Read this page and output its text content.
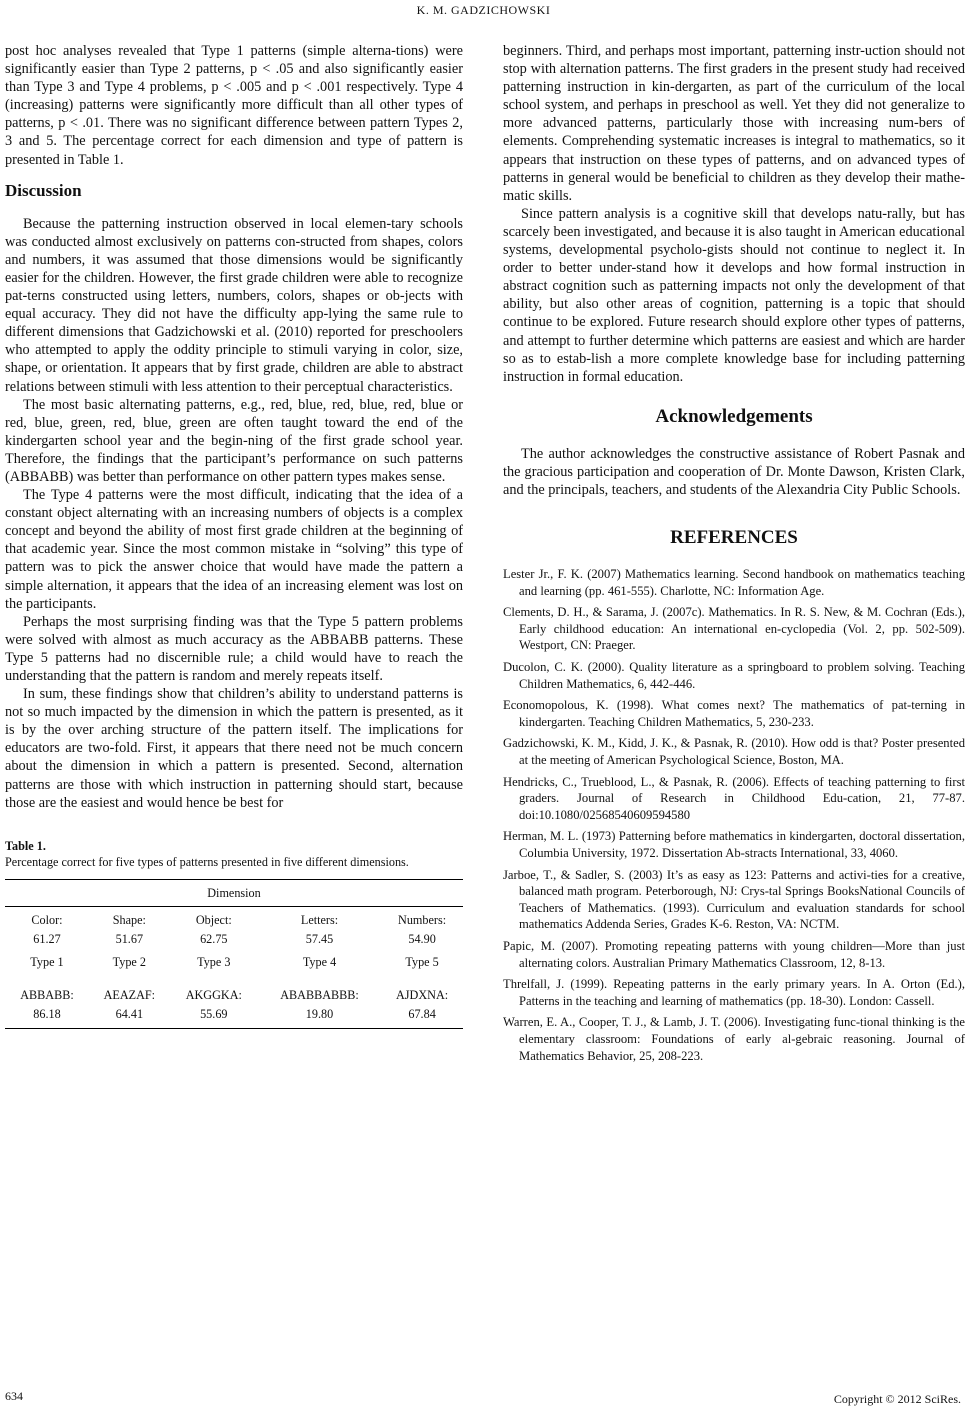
K. M. GADZICHOWSKI

post hoc analyses revealed that Type 1 patterns (simple alterna-tions) were significantly easier than Type 2 patterns, p < .05 and also significantly easier than Type 3 and Type 4 problems, p < .005 and p < .001 respectively. Type 4 (increasing) patterns were significantly more difficult than all other types of patterns, p < .01. There was no significant difference between pattern Types 2, 3 and 5. The percentage correct for each dimension and type of pattern is presented in Table 1.

Discussion

Because the patterning instruction observed in local elemen-tary schools was conducted almost exclusively on patterns con-structed from shapes, colors and numbers, it was assumed that those dimensions would be significantly easier for the children. However, the first grade children were able to recognize pat-terns constructed using letters, numbers, colors, shapes or ob-jects with equal accuracy. They did not have the difficulty app-lying the same rule to different dimensions that Gadzichowski et al. (2010) reported for preschoolers who attempted to apply the oddity principle to stimuli varying in color, size, shape, or orientation. It appears that by first grade, children are able to abstract relations between stimuli with less attention to their perceptual characteristics.

The most basic alternating patterns, e.g., red, blue, red, blue, red, blue or red, blue, green, red, blue, green are often taught toward the end of the kindergarten school year and the begin-ning of the first grade school year. Therefore, the findings that the participant’s performance on such patterns (ABBABB) was better than performance on other pattern types makes sense.

The Type 4 patterns were the most difficult, indicating that the idea of a constant object alternating with an increasing numbers of objects is a complex concept and beyond the ability of most first grade children at the beginning of that academic year. Since the most common mistake in “solving” this type of pattern was to pick the answer choice that would have made the pattern a simple alternation, it appears that the idea of an increasing element was lost on the participants.

Perhaps the most surprising finding was that the Type 5 pattern problems were solved with almost as much accuracy as the ABBABB patterns. These Type 5 patterns had no discernible rule; a child would have to reach the understanding that the pattern is random and merely repeats itself.

In sum, these findings show that children’s ability to understand patterns is not so much impacted by the dimension in which the pattern is presented, as it is by the over arching structure of the pattern itself. The implications for educators are two-fold. First, it appears that there need not be much concern about the dimension in which a pattern is presented. Second, alternation patterns are those with which instruction in patterning should start, because those are the easiest and would hence be best for

Table 1.
Percentage correct for five types of patterns presented in five different dimensions.
Dimension				
Color:	Shape:	Object:	Letters:	Numbers:
61.27	51.67	62.75	57.45	54.90
Type 1	Type 2	Type 3	Type 4	Type 5
ABBABB:	AEAZAF:	AKGGKA:	ABABBABBB:	AJDXNA:
86.18	64.41	55.69	19.80	67.84

beginners. Third, and perhaps most important, patterning instr-uction should not stop with alternation patterns. The first graders in the present study had received patterning instruction in kin-dergarten, as part of the curriculum of the local school system, and perhaps in preschool as well. Yet they did not generalize to more advanced patterns, particularly those with increasing num-bers of elements. Comprehending systematic increases is integral to mathematics, so it appears that instruction on these types of patterns, and on advanced types of patterns in general would be beneficial to children as they develop their mathe-matic skills.

Since pattern analysis is a cognitive skill that develops natu-rally, but has scarcely been investigated, and because it is also taught in American educational systems, developmental psycholo-gists should not continue to neglect it. In order to better under-stand how it develops and how formal instruction in abstract cognition such as patterning impacts not only the development of that ability, but also other areas of cognition, patterning is a topic that should continue to be explored. Future research should explore other types of patterns, and attempt to further determine which patterns are easiest and which are harder so as to estab-lish a more complete knowledge base for including patterning instruction in formal education.

Acknowledgements

The author acknowledges the constructive assistance of Robert Pasnak and the gracious participation and cooperation of Dr. Monte Dawson, Kristen Clark, and the principals, teachers, and students of the Alexandria City Public Schools.

REFERENCES
Lester Jr., F. K. (2007) Mathematics learning. Second handbook on mathematics teaching and learning (pp. 461-555). Charlotte, NC: Information Age.
Clements, D. H., & Sarama, J. (2007c). Mathematics. In R. S. New, & M. Cochran (Eds.), Early childhood education: An international en-cyclopedia (Vol. 2, pp. 502-509). Westport, CN: Praeger.
Ducolon, C. K. (2000). Quality literature as a springboard to problem solving. Teaching Children Mathematics, 6, 442-446.
Economopolous, K. (1998). What comes next? The mathematics of pat-terning in kindergarten. Teaching Children Mathematics, 5, 230-233.
Gadzichowski, K. M., Kidd, J. K., & Pasnak, R. (2010). How odd is that? Poster presented at the meeting of American Psychological Science, Boston, MA.
Hendricks, C., Trueblood, L., & Pasnak, R. (2006). Effects of teaching patterning to first graders. Journal of Research in Childhood Edu-cation, 21, 77-87. doi:10.1080/02568540609594580
Herman, M. L. (1973) Patterning before mathematics in kindergarten, doctoral dissertation, Columbia University, 1972. Dissertation Ab-stracts International, 33, 4060.
Jarboe, T., & Sadler, S. (2003) It’s as easy as 123: Patterns and activi-ties for a creative, balanced math program. Peterborough, NJ: Crys-tal Springs BooksNational Councils of Teachers of Mathematics. (1993). Curriculum and evaluation standards for school mathematics Addenda Series, Grades K-6. Reston, VA: NCTM.
Papic, M. (2007). Promoting repeating patterns with young children—More than just alternating colors. Australian Primary Mathematics Classroom, 12, 8-13.
Threlfall, J. (1999). Repeating patterns in the early primary years. In A. Orton (Ed.), Patterns in the teaching and learning of mathematics (pp. 18-30). London: Cassell.
Warren, E. A., Cooper, T. J., & Lamb, J. T. (2006). Investigating func-tional thinking is the elementary classroom: Foundations of early al-gebraic reasoning. Journal of Mathematics Behavior, 25, 208-223.
634	Copyright © 2012 SciRes.
